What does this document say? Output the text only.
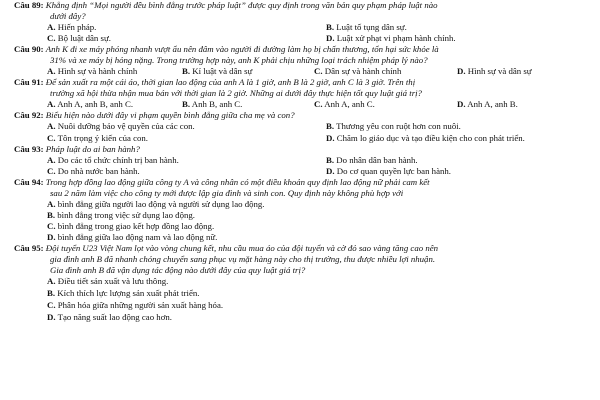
Câu 89: Khẳng định “Mọi người đều bình đẳng trước pháp luật” được quy định trong văn bản quy phạm pháp luật nào
dưới đây?
A. Hiến pháp.	B. Luật tố tụng dân sự.
C. Bộ luật dân sự.	D. Luật xử phạt vi phạm hành chính.
Câu 90: Anh K đi xe máy phóng nhanh vượt ẩu nên đâm vào người đi đường làm họ bị chấn thương, tổn hại sức khỏe là
31% và xe máy bị hỏng nặng. Trong trường hợp này, anh K phải chịu những loại trách nhiệm pháp lý nào?
A. Hình sự và hành chính	B. Kỉ luật và dân sự	C. Dân sự và hành chính	D. Hình sự và dân sự
Câu 91: Để sản xuất ra một cái áo, thời gian lao động của anh A là 1 giờ, anh B là 2 giờ, anh C là 3 giờ. Trên thị
trường xã hội thừa nhận mua bán với thời gian là 2 giờ. Những ai dưới đây thực hiện tốt quy luật giá trị?
A. Anh A, anh B, anh C.	B. Anh B, anh C.	C. Anh A, anh C.	D. Anh A, anh B.
Câu 92: Biểu hiện nào dưới đây vi phạm quyền bình đẳng giữa cha mẹ và con?
A. Nuôi dưỡng bảo vệ quyền của các con.	B. Thương yêu con ruột hơn con nuôi.
C. Tôn trọng ý kiến của con.	D. Chăm lo giáo dục và tạo điều kiện cho con phát triển.
Câu 93: Pháp luật do ai ban hành?
A. Do các tổ chức chính trị ban hành.	B. Do nhân dân ban hành.
C. Do nhà nước ban hành.	D. Do cơ quan quyền lực ban hành.
Câu 94: Trong hợp đồng lao động giữa công ty A và công nhân có một điều khoản quy định lao động nữ phải cam kết
sau 2 năm làm việc cho công ty mới được lập gia đình và sinh con. Quy định này không phù hợp với
A. bình đẳng giữa người lao động và người sử dụng lao động.
B. bình đẳng trong việc sử dụng lao động.
C. bình đẳng trong giao kết hợp đồng lao động.
D. bình đẳng giữa lao động nam và lao động nữ.
Câu 95: Đội tuyển U23 Việt Nam lọt vào vòng chung kết, nhu cầu mua áo của đội tuyển và cờ đỏ sao vàng tăng cao nên
gia đình anh B đã nhanh chóng chuyển sang phục vụ mặt hàng này cho thị trường, thu được nhiều lợi nhuận.
Gia đình anh B đã vận dụng tác động nào dưới đây của quy luật giá trị?
A. Điều tiết sản xuất và lưu thông.
B. Kích thích lực lượng sản xuất phát triển.
C. Phân hóa giữa những người sản xuất hàng hóa.
D. Tạo năng suất lao động cao hơn.
